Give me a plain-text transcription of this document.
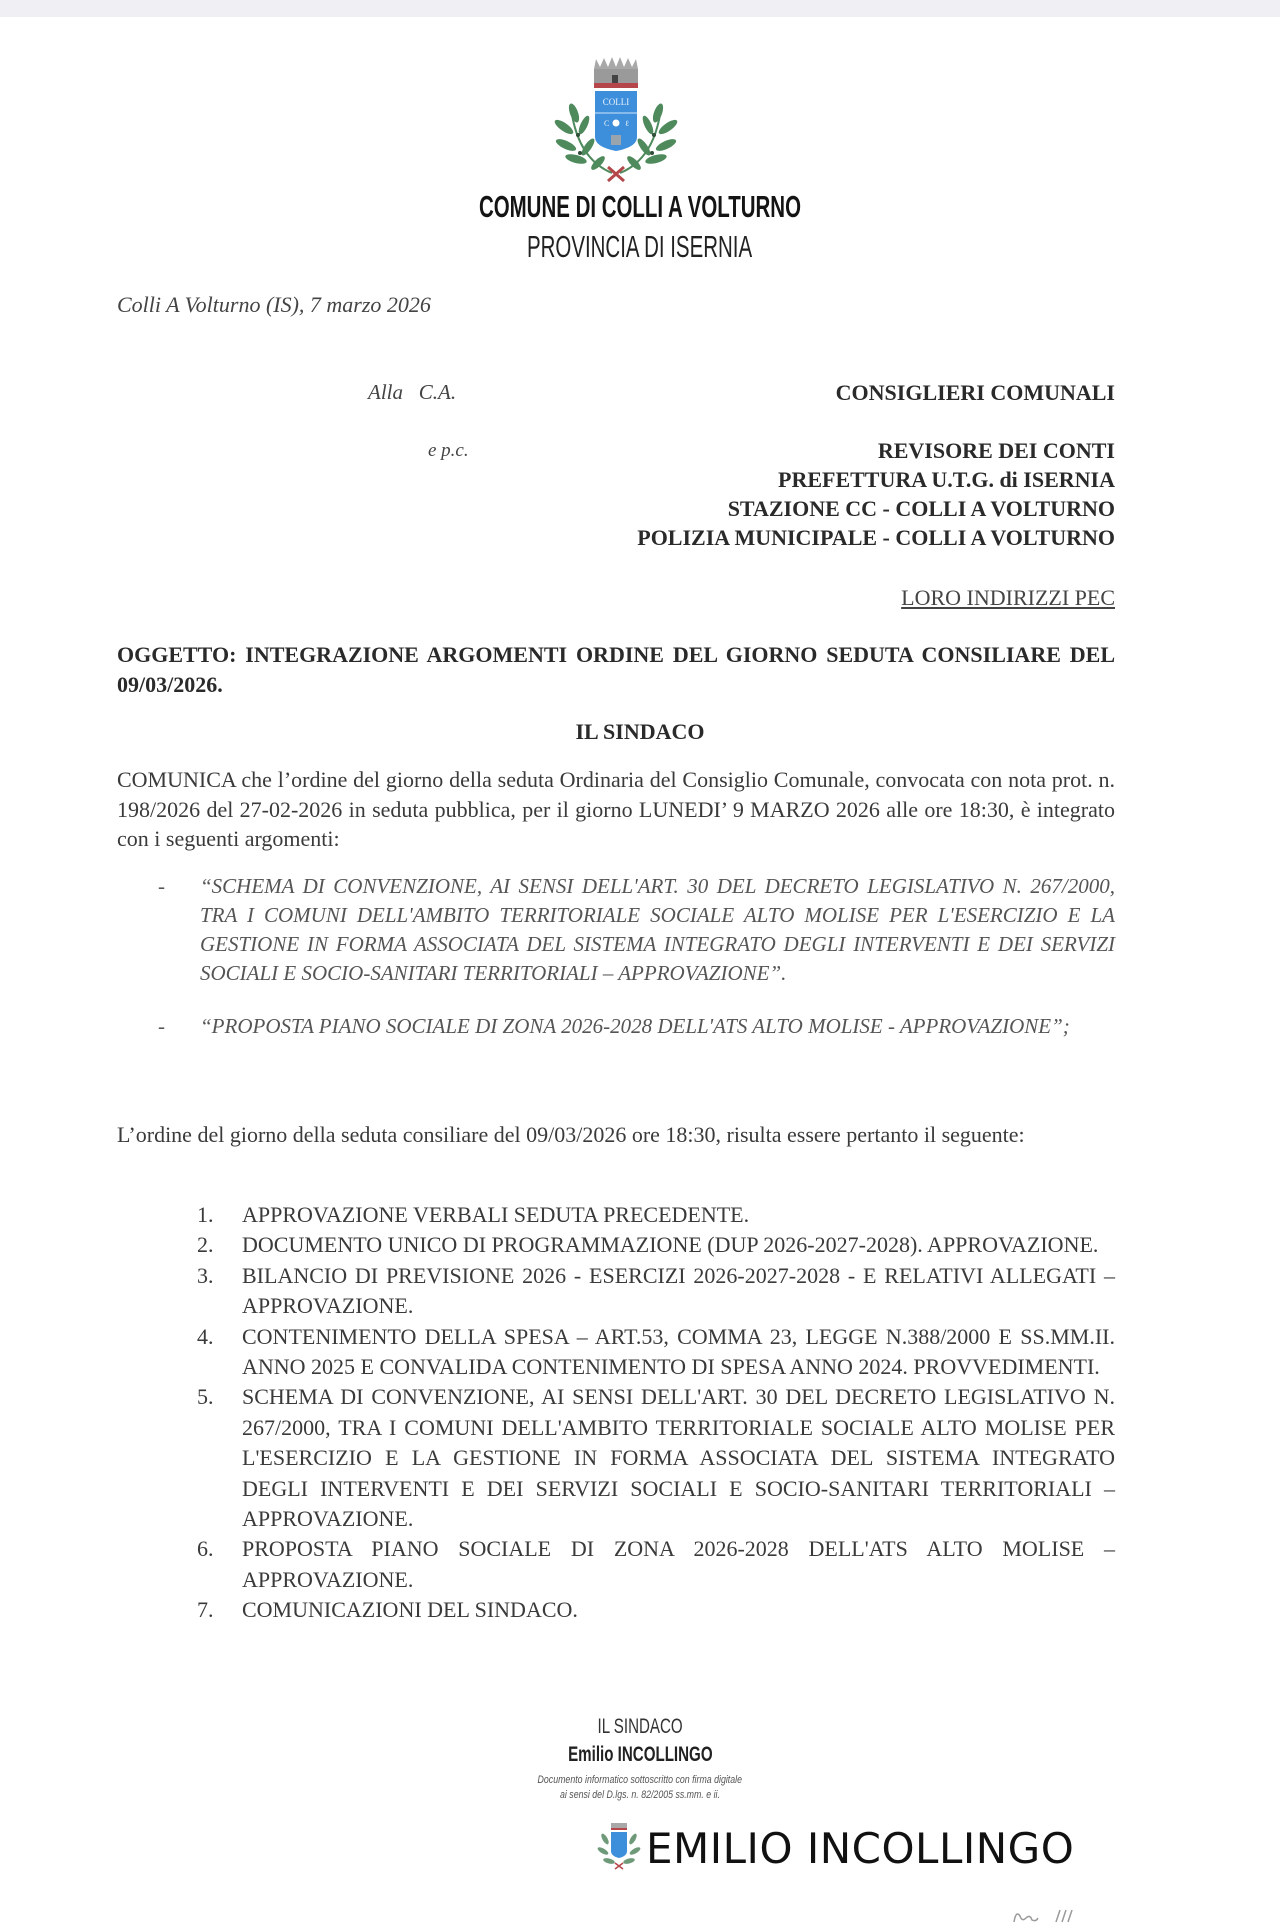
COLLI
C ℓ
COMUNE DI COLLI A VOLTURNO
PROVINCIA DI ISERNIA
Colli A Volturno (IS), 7 marzo 2026
Alla   C.A.	CONSIGLIERI COMUNALI
e p.c.	REVISORE DEI CONTI
PREFETTURA U.T.G. di ISERNIA
STAZIONE CC - COLLI A VOLTURNO
POLIZIA MUNICIPALE - COLLI A VOLTURNO
LORO INDIRIZZI PEC
OGGETTO: INTEGRAZIONE ARGOMENTI ORDINE DEL GIORNO SEDUTA CONSILIARE DEL 09/03/2026.
IL SINDACO
COMUNICA che l’ordine del giorno della seduta Ordinaria del Consiglio Comunale, convocata con nota prot. n. 198/2026 del 27-02-2026 in seduta pubblica, per il giorno LUNEDI’ 9 MARZO 2026 alle ore 18:30, è integrato con i seguenti argomenti:
- “SCHEMA DI CONVENZIONE, AI SENSI DELL'ART. 30 DEL DECRETO LEGISLATIVO N. 267/2000, TRA I COMUNI DELL'AMBITO TERRITORIALE SOCIALE ALTO MOLISE PER L'ESERCIZIO E LA GESTIONE IN FORMA ASSOCIATA DEL SISTEMA INTEGRATO DEGLI INTERVENTI E DEI SERVIZI SOCIALI E SOCIO-SANITARI TERRITORIALI – APPROVAZIONE”.
- “PROPOSTA PIANO SOCIALE DI ZONA 2026-2028 DELL'ATS ALTO MOLISE - APPROVAZIONE”;
L’ordine del giorno della seduta consiliare del 09/03/2026 ore 18:30, risulta essere pertanto il seguente:
1. APPROVAZIONE VERBALI SEDUTA PRECEDENTE.
2. DOCUMENTO UNICO DI PROGRAMMAZIONE (DUP 2026-2027-2028). APPROVAZIONE.
3. BILANCIO DI PREVISIONE 2026 - ESERCIZI 2026-2027-2028 - E RELATIVI ALLEGATI – APPROVAZIONE.
4. CONTENIMENTO DELLA SPESA – ART.53, COMMA 23, LEGGE N.388/2000 E SS.MM.II. ANNO 2025 E CONVALIDA CONTENIMENTO DI SPESA ANNO 2024. PROVVEDIMENTI.
5. SCHEMA DI CONVENZIONE, AI SENSI DELL'ART. 30 DEL DECRETO LEGISLATIVO N. 267/2000, TRA I COMUNI DELL'AMBITO TERRITORIALE SOCIALE ALTO MOLISE PER L'ESERCIZIO E LA GESTIONE IN FORMA ASSOCIATA DEL SISTEMA INTEGRATO DEGLI INTERVENTI E DEI SERVIZI SOCIALI E SOCIO-SANITARI TERRITORIALI – APPROVAZIONE.
6. PROPOSTA PIANO SOCIALE DI ZONA 2026-2028 DELL'ATS ALTO MOLISE – APPROVAZIONE.
7. COMUNICAZIONI DEL SINDACO.
IL SINDACO
Emilio INCOLLINGO
Documento informatico sottoscritto con firma digitale
ai sensi del D.lgs. n. 82/2005 ss.mm. e ii.
EMILIO INCOLLINGO
